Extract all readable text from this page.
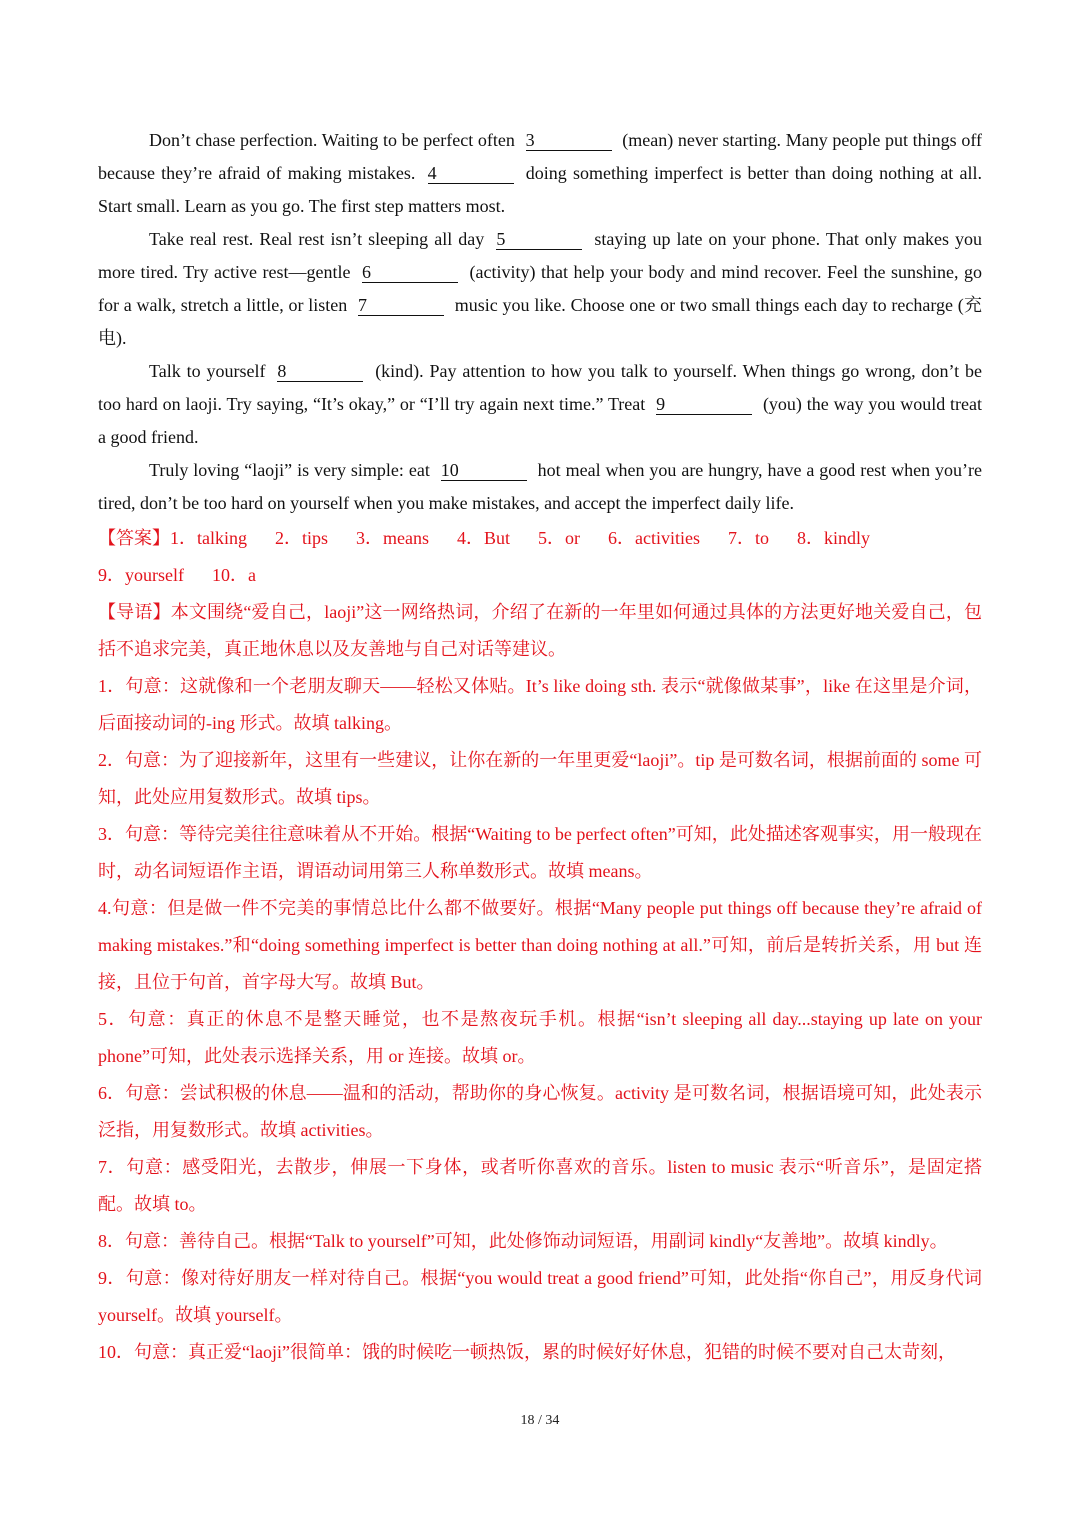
Don’t chase perfection. Waiting to be perfect often 3	(mean) never starting. Many people put things off because they’re afraid of making mistakes. 4	doing something imperfect is better than doing nothing at all. Start small. Learn as you go. The first step matters most.

Take real rest. Real rest isn’t sleeping all day 5	staying up late on your phone. That only makes you more tired. Try active rest—gentle 6	(activity) that help your body and mind recover. Feel the sunshine, go for a walk, stretch a little, or listen 7	music you like. Choose one or two small things each day to recharge (充电).

Talk to yourself 8	(kind). Pay attention to how you talk to yourself. When things go wrong, don’t be too hard on laoji. Try saying, “It’s okay,” or “I’ll try again next time.” Treat 9	(you) the way you would treat a good friend.

Truly loving “laoji” is very simple: eat 10	hot meal when you are hungry, have a good rest when you’re tired, don’t be too hard on yourself when you make mistakes, and accept the imperfect daily life.

【答案】1．talking 2．tips 3．means 4．But 5．or 6．activities 7．to 8．kindly

9．yourself 10．a

【导语】本文围绕“爱自己，laoji”这一网络热词，介绍了在新的一年里如何通过具体的方法更好地关爱自己，包括不追求完美，真正地休息以及友善地与自己对话等建议。

1．句意：这就像和一个老朋友聊天——轻松又体贴。It’s like doing sth. 表示“就像做某事”，like 在这里是介词，后面接动词的-ing 形式。故填 talking。

2．句意：为了迎接新年，这里有一些建议，让你在新的一年里更爱“laoji”。tip 是可数名词，根据前面的 some 可知，此处应用复数形式。故填 tips。

3．句意：等待完美往往意味着从不开始。根据“Waiting to be perfect often”可知，此处描述客观事实，用一般现在时，动名词短语作主语，谓语动词用第三人称单数形式。故填 means。

4.句意：但是做一件不完美的事情总比什么都不做要好。根据“Many people put things off because they’re afraid of making mistakes.”和“doing something imperfect is better than doing nothing at all.”可知，前后是转折关系，用 but 连接，且位于句首，首字母大写。故填 But。

5．句意：真正的休息不是整天睡觉，也不是熬夜玩手机。根据“isn’t sleeping all day...staying up late on your phone”可知，此处表示选择关系，用 or 连接。故填 or。

6．句意：尝试积极的休息——温和的活动，帮助你的身心恢复。activity 是可数名词，根据语境可知，此处表示泛指，用复数形式。故填 activities。

7．句意：感受阳光，去散步，伸展一下身体，或者听你喜欢的音乐。listen to music 表示“听音乐”，是固定搭配。故填 to。

8．句意：善待自己。根据“Talk to yourself”可知，此处修饰动词短语，用副词 kindly“友善地”。故填 kindly。

9．句意：像对待好朋友一样对待自己。根据“you would treat a good friend”可知，此处指“你自己”，用反身代词 yourself。故填 yourself。

10．句意：真正爱“laoji”很简单：饿的时候吃一顿热饭，累的时候好好休息，犯错的时候不要对自己太苛刻，

18 / 34
